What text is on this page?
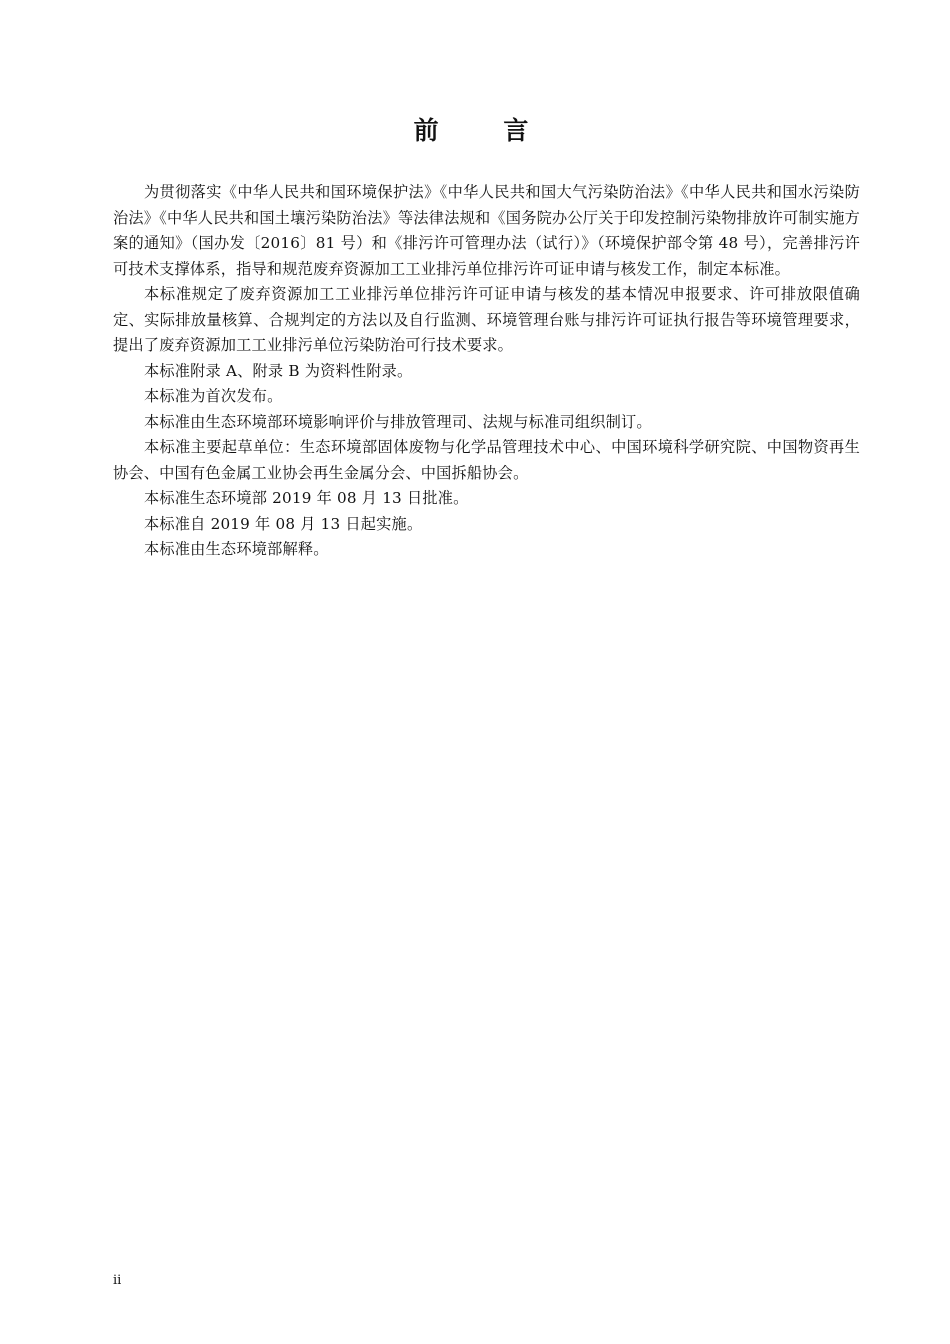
前 言

为贯彻落实《中华人民共和国环境保护法》《中华人民共和国大气污染防治法》《中华人民共和国水污染防治法》《中华人民共和国土壤污染防治法》等法律法规和《国务院办公厅关于印发控制污染物排放许可制实施方案的通知》（国办发〔2016〕81 号）和《排污许可管理办法（试行）》（环境保护部令第 48 号），完善排污许可技术支撑体系，指导和规范废弃资源加工工业排污单位排污许可证申请与核发工作，制定本标准。

本标准规定了废弃资源加工工业排污单位排污许可证申请与核发的基本情况申报要求、许可排放限值确定、实际排放量核算、合规判定的方法以及自行监测、环境管理台账与排污许可证执行报告等环境管理要求，提出了废弃资源加工工业排污单位污染防治可行技术要求。

本标准附录 A、附录 B 为资料性附录。

本标准为首次发布。

本标准由生态环境部环境影响评价与排放管理司、法规与标准司组织制订。

本标准主要起草单位：生态环境部固体废物与化学品管理技术中心、中国环境科学研究院、中国物资再生协会、中国有色金属工业协会再生金属分会、中国拆船协会。

本标准生态环境部 2019 年 08 月 13 日批准。

本标准自 2019 年 08 月 13 日起实施。

本标准由生态环境部解释。

ii
